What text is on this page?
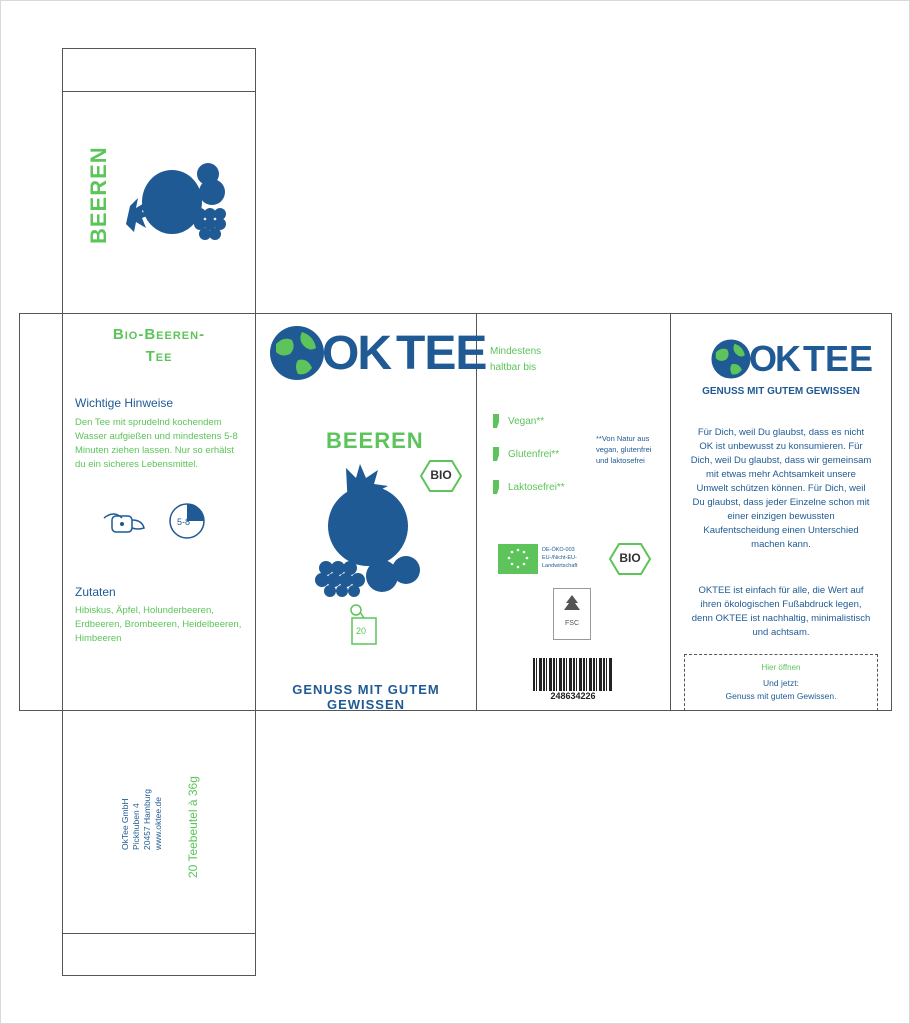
BEEREN
Bio-Beeren-
Tee
Wichtige Hinweise
Den Tee mit sprudelnd kochendem Wasser aufgießen und mindestens 5-8 Minuten ziehen lassen. Nur so erhälst du ein sicheres Lebensmittel.
5-8
Zutaten
Hibiskus, Äpfel, Holunderbeeren, Erdbeeren, Brombeeren, Heidelbeeren, Himbeeren
OK TEE
BEEREN
BIO
20
GENUSS MIT GUTEM GEWISSEN
Mindestens haltbar bis
Vegan**
Glutenfrei**
Laktosefrei**
**Von Natur aus vegan, glutenfrei und laktosefrei
DE-ÖKO-003 EU-/Nicht-EU-Landwirtschaft
BIO
FSC
248634226
OK TEE
GENUSS MIT GUTEM GEWISSEN
Für Dich, weil Du glaubst, dass es nicht OK ist unbewusst zu konsumieren. Für Dich, weil Du glaubst, dass wir gemeinsam mit etwas mehr Achtsamkeit unsere Umwelt schützen können. Für Dich, weil Du glaubst, dass jeder Einzelne schon mit einer einzigen bewussten Kaufentscheidung einen Unterschied machen kann.
OKTEE ist einfach für alle, die Wert auf ihren ökologischen Fußabdruck legen, denn OKTEE ist nachhaltig, minimalistisch und achtsam.
Hier öffnen
Und jetzt:
Genuss mit gutem Gewissen.
OkTee GmbH Pickhuben 4 20457 Hamburg www.oktee.de 20 Teebeutel à 36g
